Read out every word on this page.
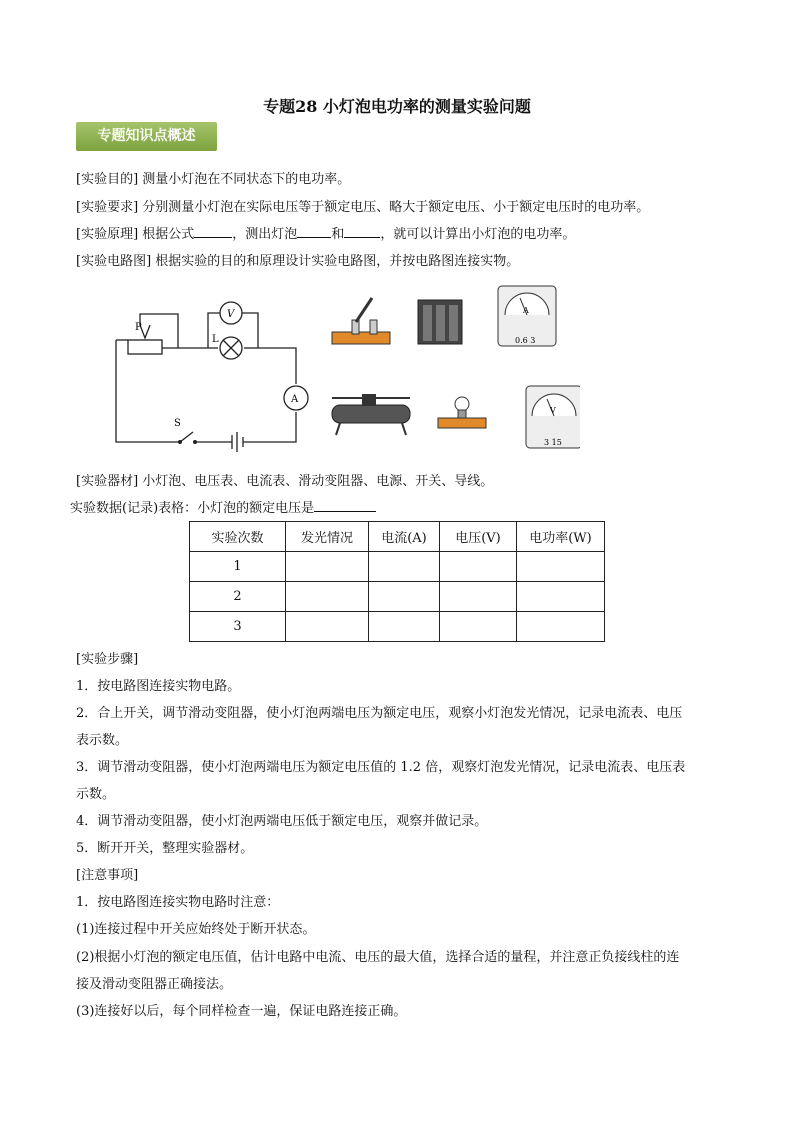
专题28 小灯泡电功率的测量实验问题
专题知识点概述
[实验目的] 测量小灯泡在不同状态下的电功率。
[实验要求] 分别测量小灯泡在实际电压等于额定电压、略大于额定电压、小于额定电压时的电功率。
[实验原理] 根据公式	，测出灯泡	和	，就可以计算出小灯泡的电功率。
[实验电路图] 根据实验的目的和原理设计实验电路图，并按电路图连接实物。
P
V
L
A
S
A
0.6 3
V
3 15
[实验器材] 小灯泡、电压表、电流表、滑动变阻器、电源、开关、导线。
实验数据(记录)表格：小灯泡的额定电压是
实验次数	发光情况	电流(A)	电压(V)	电功率(W)
1				
2				
3				
[实验步骤]
1．按电路图连接实物电路。
2．合上开关，调节滑动变阻器，使小灯泡两端电压为额定电压，观察小灯泡发光情况，记录电流表、电压
表示数。
3．调节滑动变阻器，使小灯泡两端电压为额定电压值的 1.2 倍，观察灯泡发光情况，记录电流表、电压表
示数。
4．调节滑动变阻器，使小灯泡两端电压低于额定电压，观察并做记录。
5．断开开关，整理实验器材。
[注意事项]
1．按电路图连接实物电路时注意：
(1)连接过程中开关应始终处于断开状态。
(2)根据小灯泡的额定电压值，估计电路中电流、电压的最大值，选择合适的量程，并注意正负接线柱的连
接及滑动变阻器正确接法。
(3)连接好以后，每个同样检查一遍，保证电路连接正确。
